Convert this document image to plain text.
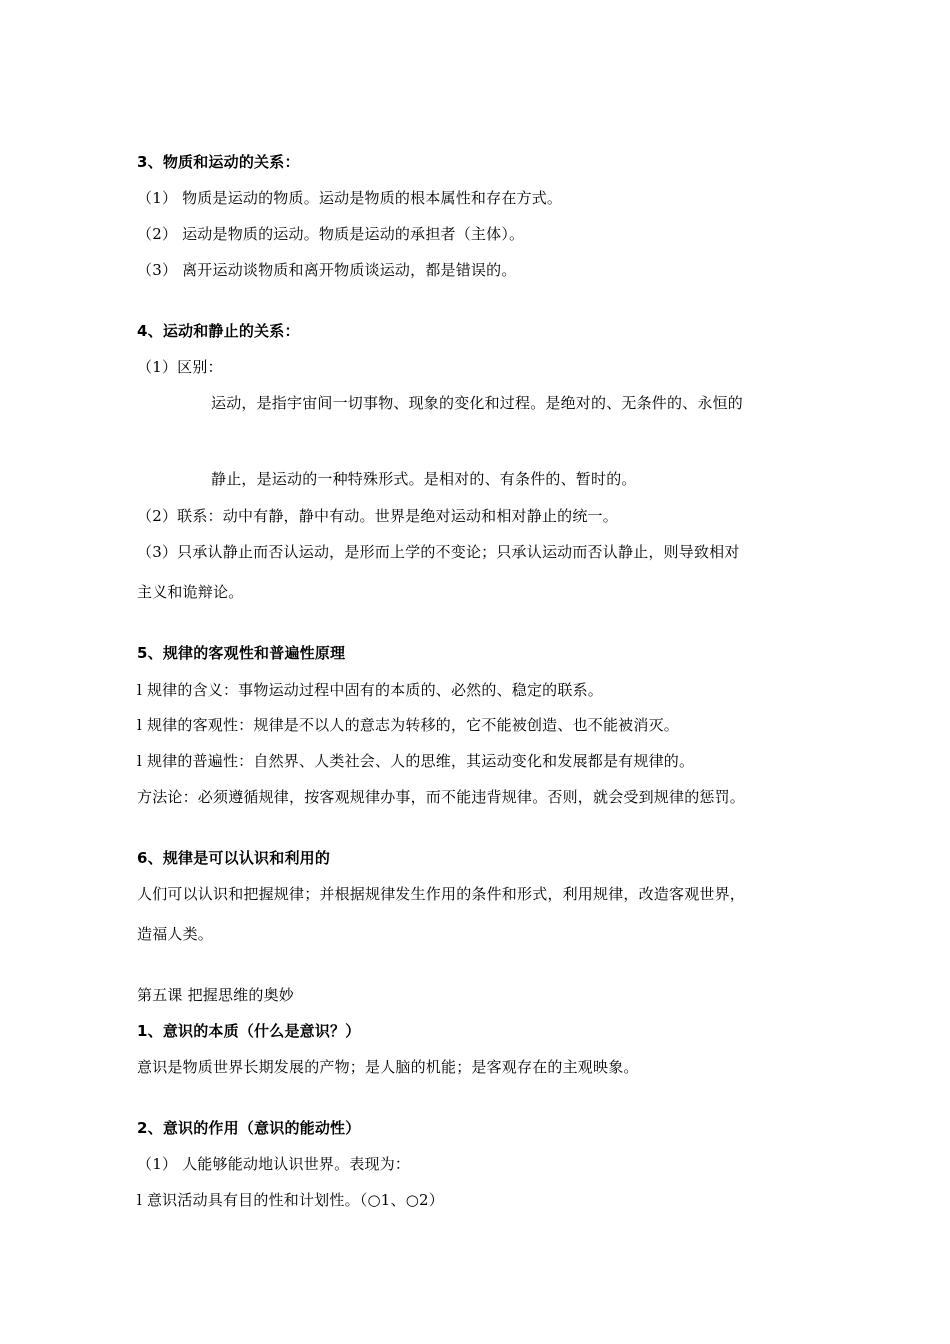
3、物质和运动的关系：
（1） 物质是运动的物质。运动是物质的根本属性和存在方式。
（2） 运动是物质的运动。物质是运动的承担者（主体）。
（3） 离开运动谈物质和离开物质谈运动，都是错误的。
4、运动和静止的关系：
（1）区别：
运动，是指宇宙间一切事物、现象的变化和过程。是绝对的、无条件的、永恒的
静止，是运动的一种特殊形式。是相对的、有条件的、暂时的。
（2）联系：动中有静，静中有动。世界是绝对运动和相对静止的统一。
（3）只承认静止而否认运动，是形而上学的不变论；只承认运动而否认静止，则导致相对
主义和诡辩论。
5、规律的客观性和普遍性原理
l 规律的含义：事物运动过程中固有的本质的、必然的、稳定的联系。
l 规律的客观性：规律是不以人的意志为转移的，它不能被创造、也不能被消灭。
l 规律的普遍性：自然界、人类社会、人的思维，其运动变化和发展都是有规律的。
方法论：必须遵循规律，按客观规律办事，而不能违背规律。否则，就会受到规律的惩罚。
6、规律是可以认识和利用的
人们可以认识和把握规律；并根据规律发生作用的条件和形式，利用规律，改造客观世界，
造福人类。
第五课 把握思维的奥妙
1、意识的本质（什么是意识？）
意识是物质世界长期发展的产物；是人脑的机能；是客观存在的主观映象。
2、意识的作用（意识的能动性）
（1） 人能够能动地认识世界。表现为：
l 意识活动具有目的性和计划性。（○1、○2）
